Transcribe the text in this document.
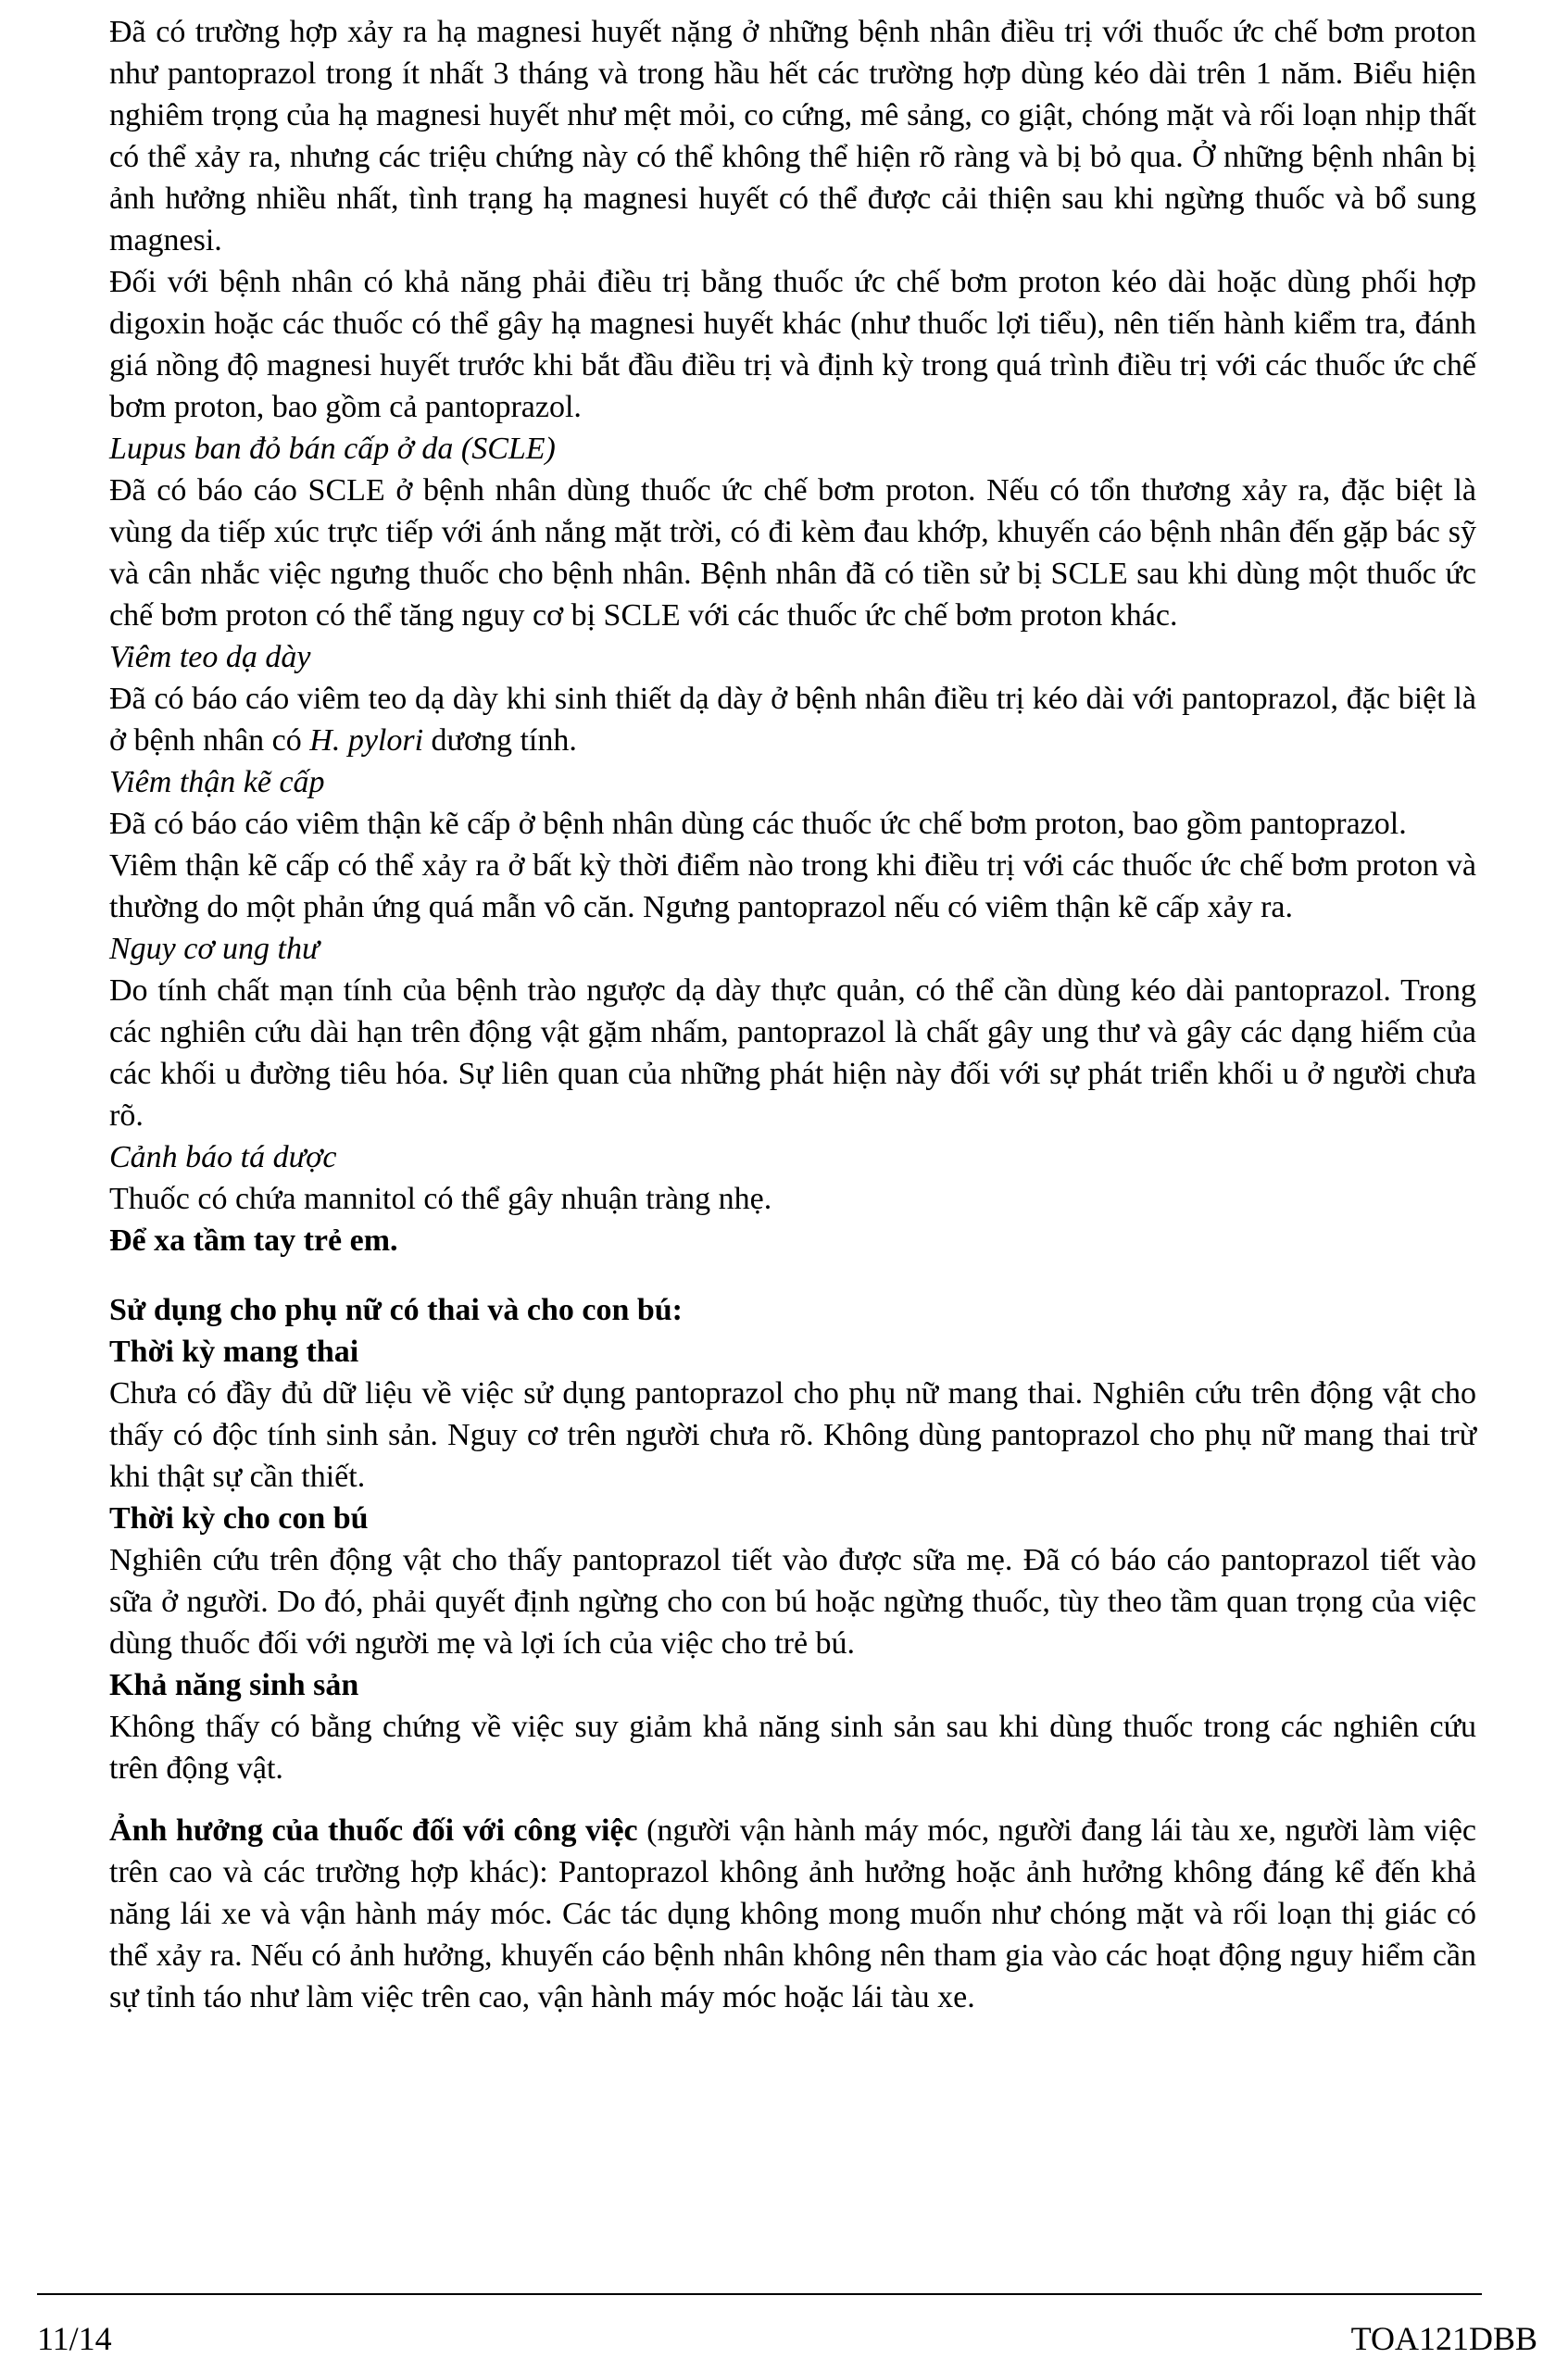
Đã có trường hợp xảy ra hạ magnesi huyết nặng ở những bệnh nhân điều trị với thuốc ức chế bơm proton như pantoprazol trong ít nhất 3 tháng và trong hầu hết các trường hợp dùng kéo dài trên 1 năm. Biểu hiện nghiêm trọng của hạ magnesi huyết như mệt mỏi, co cứng, mê sảng, co giật, chóng mặt và rối loạn nhịp thất có thể xảy ra, nhưng các triệu chứng này có thể không thể hiện rõ ràng và bị bỏ qua. Ở những bệnh nhân bị ảnh hưởng nhiều nhất, tình trạng hạ magnesi huyết có thể được cải thiện sau khi ngừng thuốc và bổ sung magnesi.

Đối với bệnh nhân có khả năng phải điều trị bằng thuốc ức chế bơm proton kéo dài hoặc dùng phối hợp digoxin hoặc các thuốc có thể gây hạ magnesi huyết khác (như thuốc lợi tiểu), nên tiến hành kiểm tra, đánh giá nồng độ magnesi huyết trước khi bắt đầu điều trị và định kỳ trong quá trình điều trị với các thuốc ức chế bơm proton, bao gồm cả pantoprazol.

Lupus ban đỏ bán cấp ở da (SCLE)

Đã có báo cáo SCLE ở bệnh nhân dùng thuốc ức chế bơm proton. Nếu có tổn thương xảy ra, đặc biệt là vùng da tiếp xúc trực tiếp với ánh nắng mặt trời, có đi kèm đau khớp, khuyến cáo bệnh nhân đến gặp bác sỹ và cân nhắc việc ngưng thuốc cho bệnh nhân. Bệnh nhân đã có tiền sử bị SCLE sau khi dùng một thuốc ức chế bơm proton có thể tăng nguy cơ bị SCLE với các thuốc ức chế bơm proton khác.

Viêm teo dạ dày

Đã có báo cáo viêm teo dạ dày khi sinh thiết dạ dày ở bệnh nhân điều trị kéo dài với pantoprazol, đặc biệt là ở bệnh nhân có H. pylori dương tính.

Viêm thận kẽ cấp

Đã có báo cáo viêm thận kẽ cấp ở bệnh nhân dùng các thuốc ức chế bơm proton, bao gồm pantoprazol.

Viêm thận kẽ cấp có thể xảy ra ở bất kỳ thời điểm nào trong khi điều trị với các thuốc ức chế bơm proton và thường do một phản ứng quá mẫn vô căn. Ngưng pantoprazol nếu có viêm thận kẽ cấp xảy ra.

Nguy cơ ung thư

Do tính chất mạn tính của bệnh trào ngược dạ dày thực quản, có thể cần dùng kéo dài pantoprazol. Trong các nghiên cứu dài hạn trên động vật gặm nhấm, pantoprazol là chất gây ung thư và gây các dạng hiếm của các khối u đường tiêu hóa. Sự liên quan của những phát hiện này đối với sự phát triển khối u ở người chưa rõ.

Cảnh báo tá dược

Thuốc có chứa mannitol có thể gây nhuận tràng nhẹ.

Để xa tầm tay trẻ em.

Sử dụng cho phụ nữ có thai và cho con bú:

Thời kỳ mang thai

Chưa có đầy đủ dữ liệu về việc sử dụng pantoprazol cho phụ nữ mang thai. Nghiên cứu trên động vật cho thấy có độc tính sinh sản. Nguy cơ trên người chưa rõ. Không dùng pantoprazol cho phụ nữ mang thai trừ khi thật sự cần thiết.

Thời kỳ cho con bú

Nghiên cứu trên động vật cho thấy pantoprazol tiết vào được sữa mẹ. Đã có báo cáo pantoprazol tiết vào sữa ở người. Do đó, phải quyết định ngừng cho con bú hoặc ngừng thuốc, tùy theo tầm quan trọng của việc dùng thuốc đối với người mẹ và lợi ích của việc cho trẻ bú.

Khả năng sinh sản

Không thấy có bằng chứng về việc suy giảm khả năng sinh sản sau khi dùng thuốc trong các nghiên cứu trên động vật.

Ảnh hưởng của thuốc đối với công việc (người vận hành máy móc, người đang lái tàu xe, người làm việc trên cao và các trường hợp khác): Pantoprazol không ảnh hưởng hoặc ảnh hưởng không đáng kể đến khả năng lái xe và vận hành máy móc. Các tác dụng không mong muốn như chóng mặt và rối loạn thị giác có thể xảy ra. Nếu có ảnh hưởng, khuyến cáo bệnh nhân không nên tham gia vào các hoạt động nguy hiểm cần sự tỉnh táo như làm việc trên cao, vận hành máy móc hoặc lái tàu xe.

11/14	TOA121DBB
